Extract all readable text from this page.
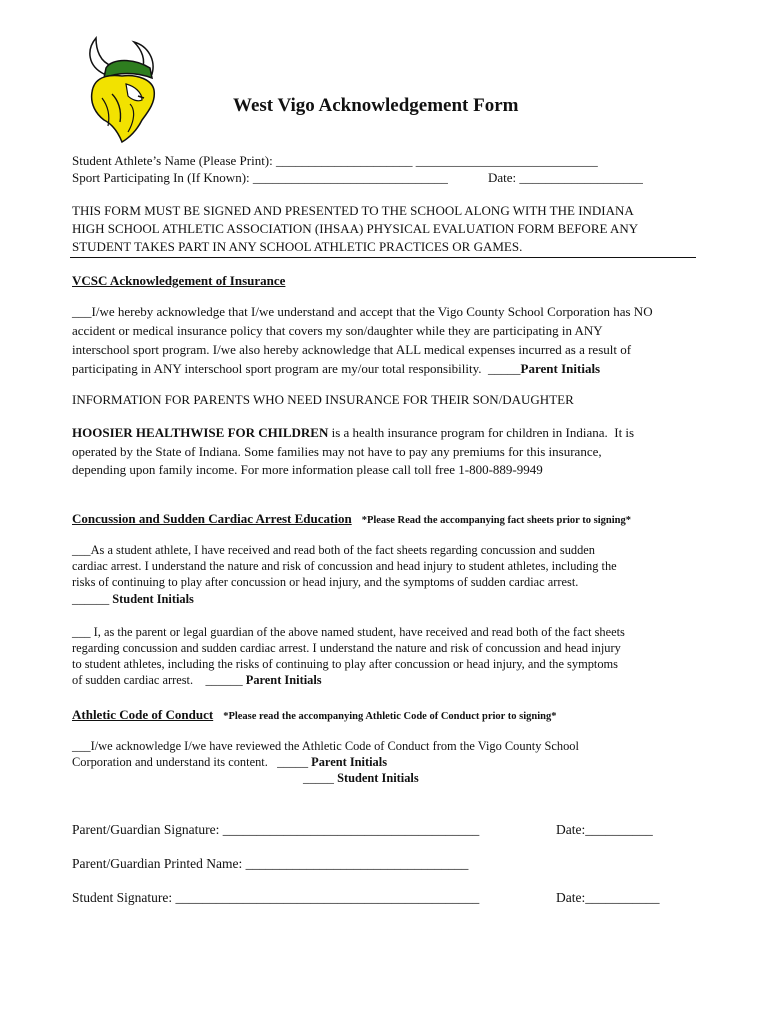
West Vigo Acknowledgement Form
Student Athlete’s Name (Please Print): _____________________ ____________________________
Sport Participating In (If Known): ______________________________	Date: ___________________
THIS FORM MUST BE SIGNED AND PRESENTED TO THE SCHOOL ALONG WITH THE INDIANA
HIGH SCHOOL ATHLETIC ASSOCIATION (IHSAA) PHYSICAL EVALUATION FORM BEFORE ANY
STUDENT TAKES PART IN ANY SCHOOL ATHLETIC PRACTICES OR GAMES.
VCSC Acknowledgement of Insurance
___I/we hereby acknowledge that I/we understand and accept that the Vigo County School Corporation has NO
accident or medical insurance policy that covers my son/daughter while they are participating in ANY
interschool sport program. I/we also hereby acknowledge that ALL medical expenses incurred as a result of
participating in ANY interschool sport program are my/our total responsibility.  _____Parent Initials
INFORMATION FOR PARENTS WHO NEED INSURANCE FOR THEIR SON/DAUGHTER
HOOSIER HEALTHWISE FOR CHILDREN is a health insurance program for children in Indiana.  It is
operated by the State of Indiana. Some families may not have to pay any premiums for this insurance,
depending upon family income. For more information please call toll free 1-800-889-9949
Concussion and Sudden Cardiac Arrest Education *Please Read the accompanying fact sheets prior to signing*
___As a student athlete, I have received and read both of the fact sheets regarding concussion and sudden
cardiac arrest. I understand the nature and risk of concussion and head injury to student athletes, including the
risks of continuing to play after concussion or head injury, and the symptoms of sudden cardiac arrest.
______ Student Initials
___ I, as the parent or legal guardian of the above named student, have received and read both of the fact sheets
regarding concussion and sudden cardiac arrest. I understand the nature and risk of concussion and head injury
to student athletes, including the risks of continuing to play after concussion or head injury, and the symptoms
of sudden cardiac arrest.    ______ Parent Initials
Athletic Code of Conduct *Please read the accompanying Athletic Code of Conduct prior to signing*
___I/we acknowledge I/we have reviewed the Athletic Code of Conduct from the Vigo County School
Corporation and understand its content.   _____ Parent Initials
_____ Student Initials
Parent/Guardian Signature: ______________________________________	Date:__________
Parent/Guardian Printed Name: _________________________________
Student Signature: _____________________________________________	Date:___________
